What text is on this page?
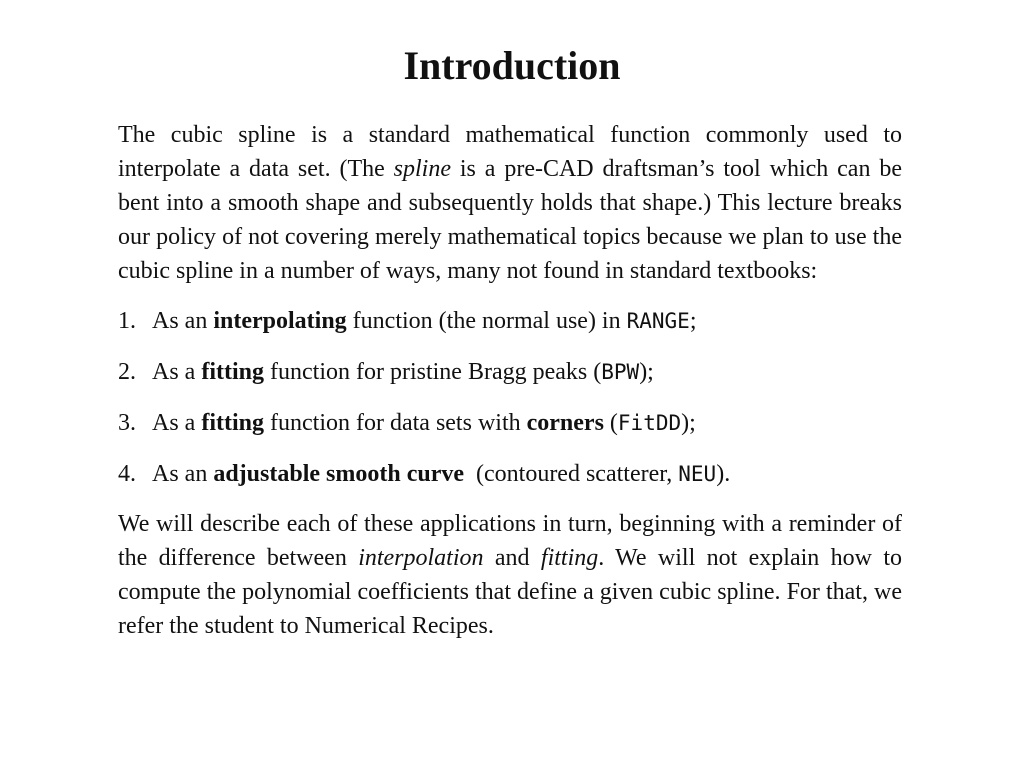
Introduction

The cubic spline is a standard mathematical function commonly used to interpolate a data set. (The spline is a pre-CAD draftsman’s tool which can be bent into a smooth shape and subsequently holds that shape.) This lecture breaks our policy of not covering merely mathematical topics because we plan to use the cubic spline in a number of ways, many not found in standard textbooks:

1. As an interpolating function (the normal use) in RANGE;
2. As a fitting function for pristine Bragg peaks (BPW);
3. As a fitting function for data sets with corners (FitDD);
4. As an adjustable smooth curve  (contoured scatterer, NEU).

We will describe each of these applications in turn, beginning with a reminder of the difference between interpolation and fitting. We will not explain how to compute the polynomial coefficients that define a given cubic spline. For that, we refer the student to Numerical Recipes.
